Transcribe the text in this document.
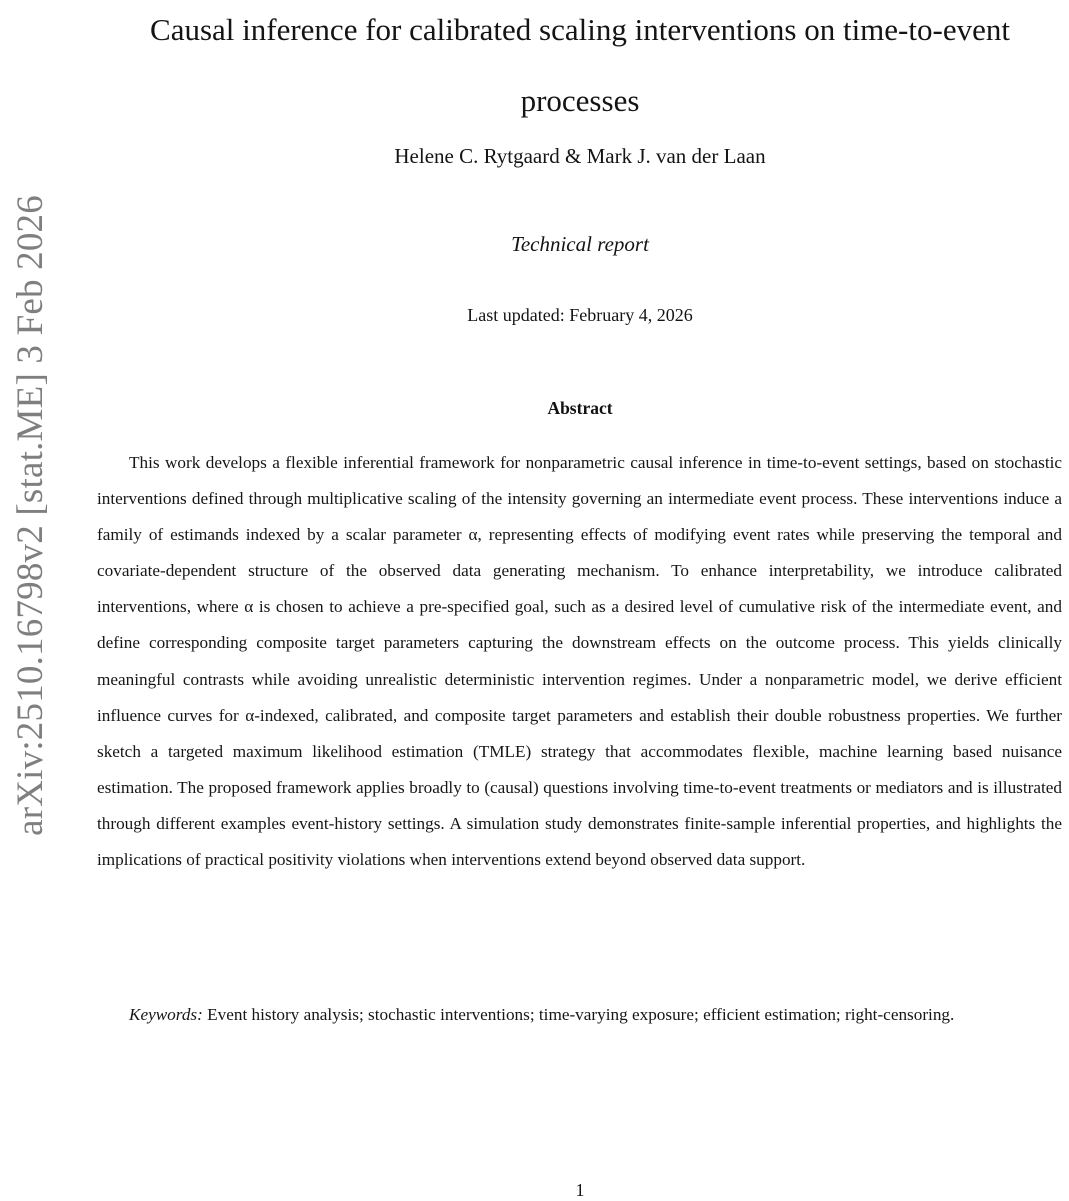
arXiv:2510.16798v2 [stat.ME] 3 Feb 2026
Causal inference for calibrated scaling interventions on time-to-event
processes
Helene C. Rytgaard & Mark J. van der Laan
Technical report
Last updated: February 4, 2026
Abstract

This work develops a flexible inferential framework for nonparametric causal inference in time-to-event settings, based on stochastic interventions defined through multiplicative scaling of the intensity governing an intermediate event process. These interventions induce a family of estimands indexed by a scalar parameter α, representing effects of modifying event rates while preserving the temporal and covariate-dependent structure of the observed data generating mechanism. To enhance interpretability, we introduce calibrated interventions, where α is chosen to achieve a pre-specified goal, such as a desired level of cumulative risk of the intermediate event, and define corresponding composite target parameters capturing the downstream effects on the outcome process. This yields clinically meaningful contrasts while avoiding unrealistic deterministic intervention regimes. Under a nonparametric model, we derive efficient influence curves for α-indexed, calibrated, and composite target parameters and establish their double robustness properties. We further sketch a targeted maximum likelihood estimation (TMLE) strategy that accommodates flexible, machine learning based nuisance estimation. The proposed framework applies broadly to (causal) questions involving time-to-event treatments or mediators and is illustrated through different examples event-history settings. A simulation study demonstrates finite-sample inferential properties, and highlights the implications of practical positivity violations when interventions extend beyond observed data support.

Keywords: Event history analysis; stochastic interventions; time-varying exposure; efficient estimation; right-censoring.

1
